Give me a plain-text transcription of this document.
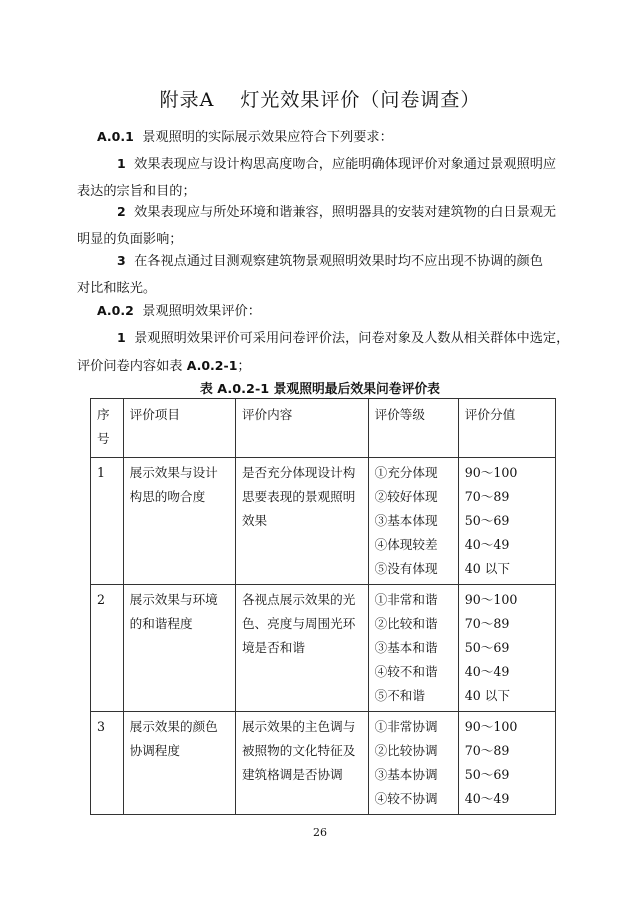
附录A 灯光效果评价（问卷调查）
A.0.1 景观照明的实际展示效果应符合下列要求：
1 效果表现应与设计构思高度吻合，应能明确体现评价对象通过景观照明应
表达的宗旨和目的；
2 效果表现应与所处环境和谐兼容，照明器具的安装对建筑物的白日景观无
明显的负面影响；
3 在各视点通过目测观察建筑物景观照明效果时均不应出现不协调的颜色
对比和眩光。
A.0.2 景观照明效果评价：
1 景观照明效果评价可采用问卷评价法，问卷对象及人数从相关群体中选定，
评价问卷内容如表 A.0.2-1；
表 A.0.2-1 景观照明最后效果问卷评价表
序
号	评价项目	评价内容	评价等级	评价分值
1	展示效果与设计
构思的吻合度	是否充分体现设计构
思要表现的景观照明
效果	①充分体现
②较好体现
③基本体现
④体现较差
⑤没有体现	90～100
70～89
50～69
40～49
40 以下

2	展示效果与环境
的和谐程度	各视点展示效果的光
色、亮度与周围光环
境是否和谐	①非常和谐
②比较和谐
③基本和谐
④较不和谐
⑤不和谐	90～100
70～89
50～69
40～49
40 以下

3	展示效果的颜色
协调程度	展示效果的主色调与
被照物的文化特征及
建筑格调是否协调	①非常协调
②比较协调
③基本协调
④较不协调	90～100
70～89
50～69
40～49
26
